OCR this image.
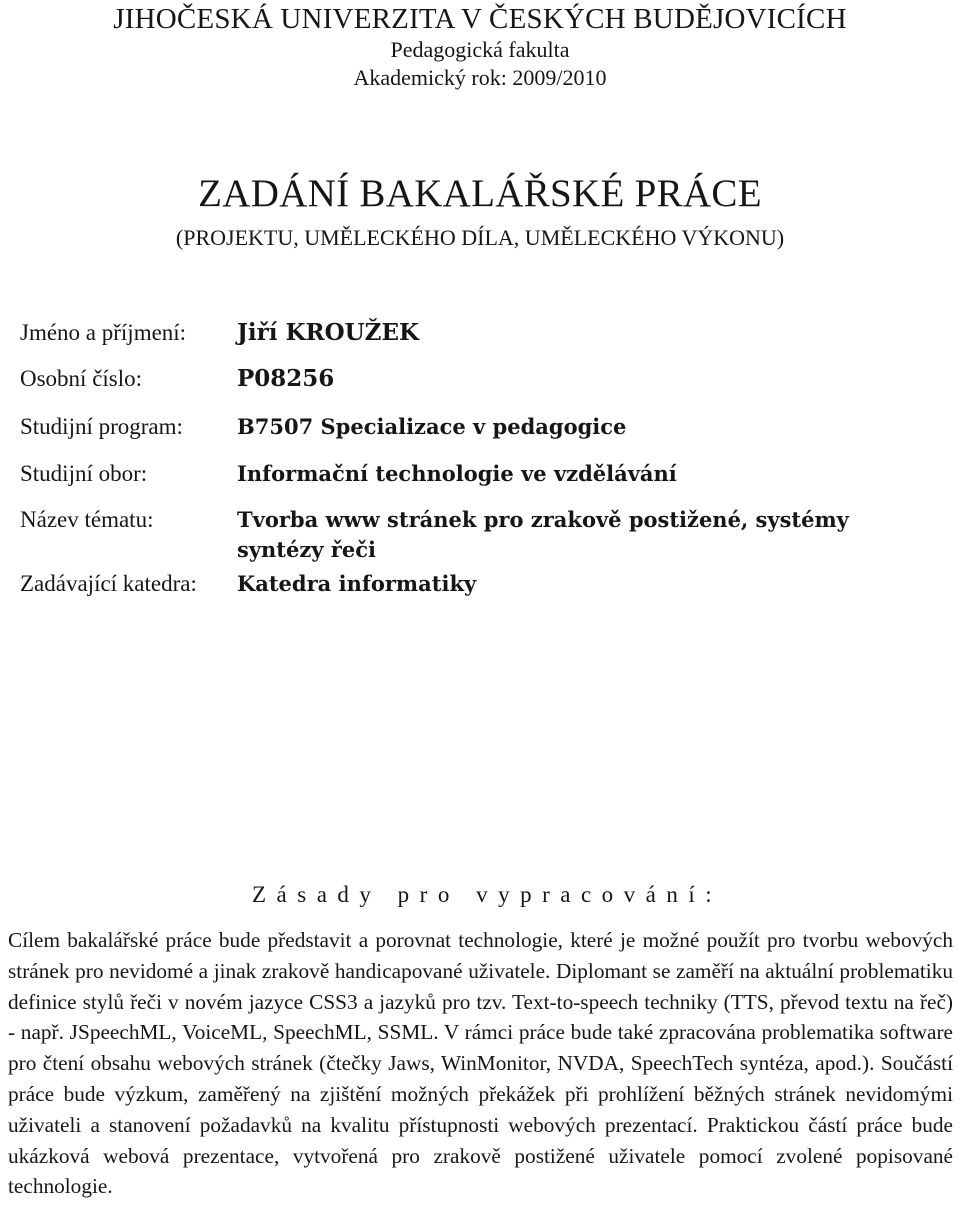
JIHOČESKÁ UNIVERZITA V ČESKÝCH BUDĚJOVICÍCH
Pedagogická fakulta
Akademický rok: 2009/2010
ZADÁNÍ BAKALÁŘSKÉ PRÁCE
(PROJEKTU, UMĚLECKÉHO DÍLA, UMĚLECKÉHO VÝKONU)
Jméno a příjmení: Jiří KROUŽEK
Osobní číslo:	P08256
Studijní program:	B7507 Specializace v pedagogice
Studijní obor:	Informační technologie ve vzdělávání
Název tématu:	Tvorba www stránek pro zrakově postižené, systémy syntézy řeči
Zadávající katedra: Katedra informatiky
Zásady pro vypracování:
Cílem bakalářské práce bude představit a porovnat technologie, které je možné použít pro tvorbu webových stránek pro nevidomé a jinak zrakově handicapované uživatele. Diplomant se zaměří na aktuální problematiku definice stylů řeči v novém jazyce CSS3 a jazyků pro tzv. Text-to-speech techniky (TTS, převod textu na řeč) - např. JSpeechML, VoiceML, SpeechML, SSML. V rámci práce bude také zpracována problematika software pro čtení obsahu webových stránek (čtečky Jaws, WinMonitor, NVDA, SpeechTech syntéza, apod.). Součástí práce bude výzkum, zaměřený na zjištění možných překážek při prohlížení běžných stránek nevidomými uživateli a stanovení požadavků na kvalitu přístupnosti webových prezentací. Praktickou částí práce bude ukázková webová prezentace, vytvořená pro zrakově postižené uživatele pomocí zvolené popisované technologie.
